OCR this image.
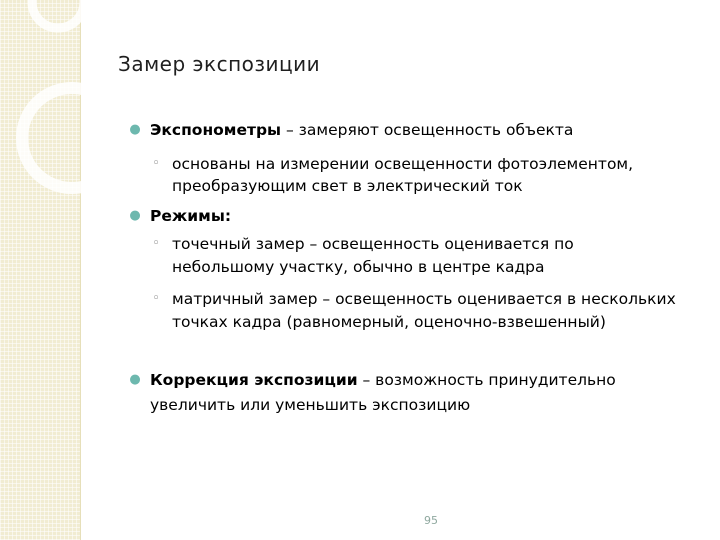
Замер экспозиции
● Экспонометры – замеряют освещенность объекта
◦ основаны на измерении освещенности фотоэлементом,
преобразующим свет в электрический ток
● Режимы:
◦ точечный замер – освещенность оценивается по
небольшому участку, обычно в центре кадра
◦ матричный замер – освещенность оценивается в нескольких
точках кадра (равномерный, оценочно-взвешенный)
● Коррекция экспозиции – возможность принудительно
увеличить или уменьшить экспозицию
95
